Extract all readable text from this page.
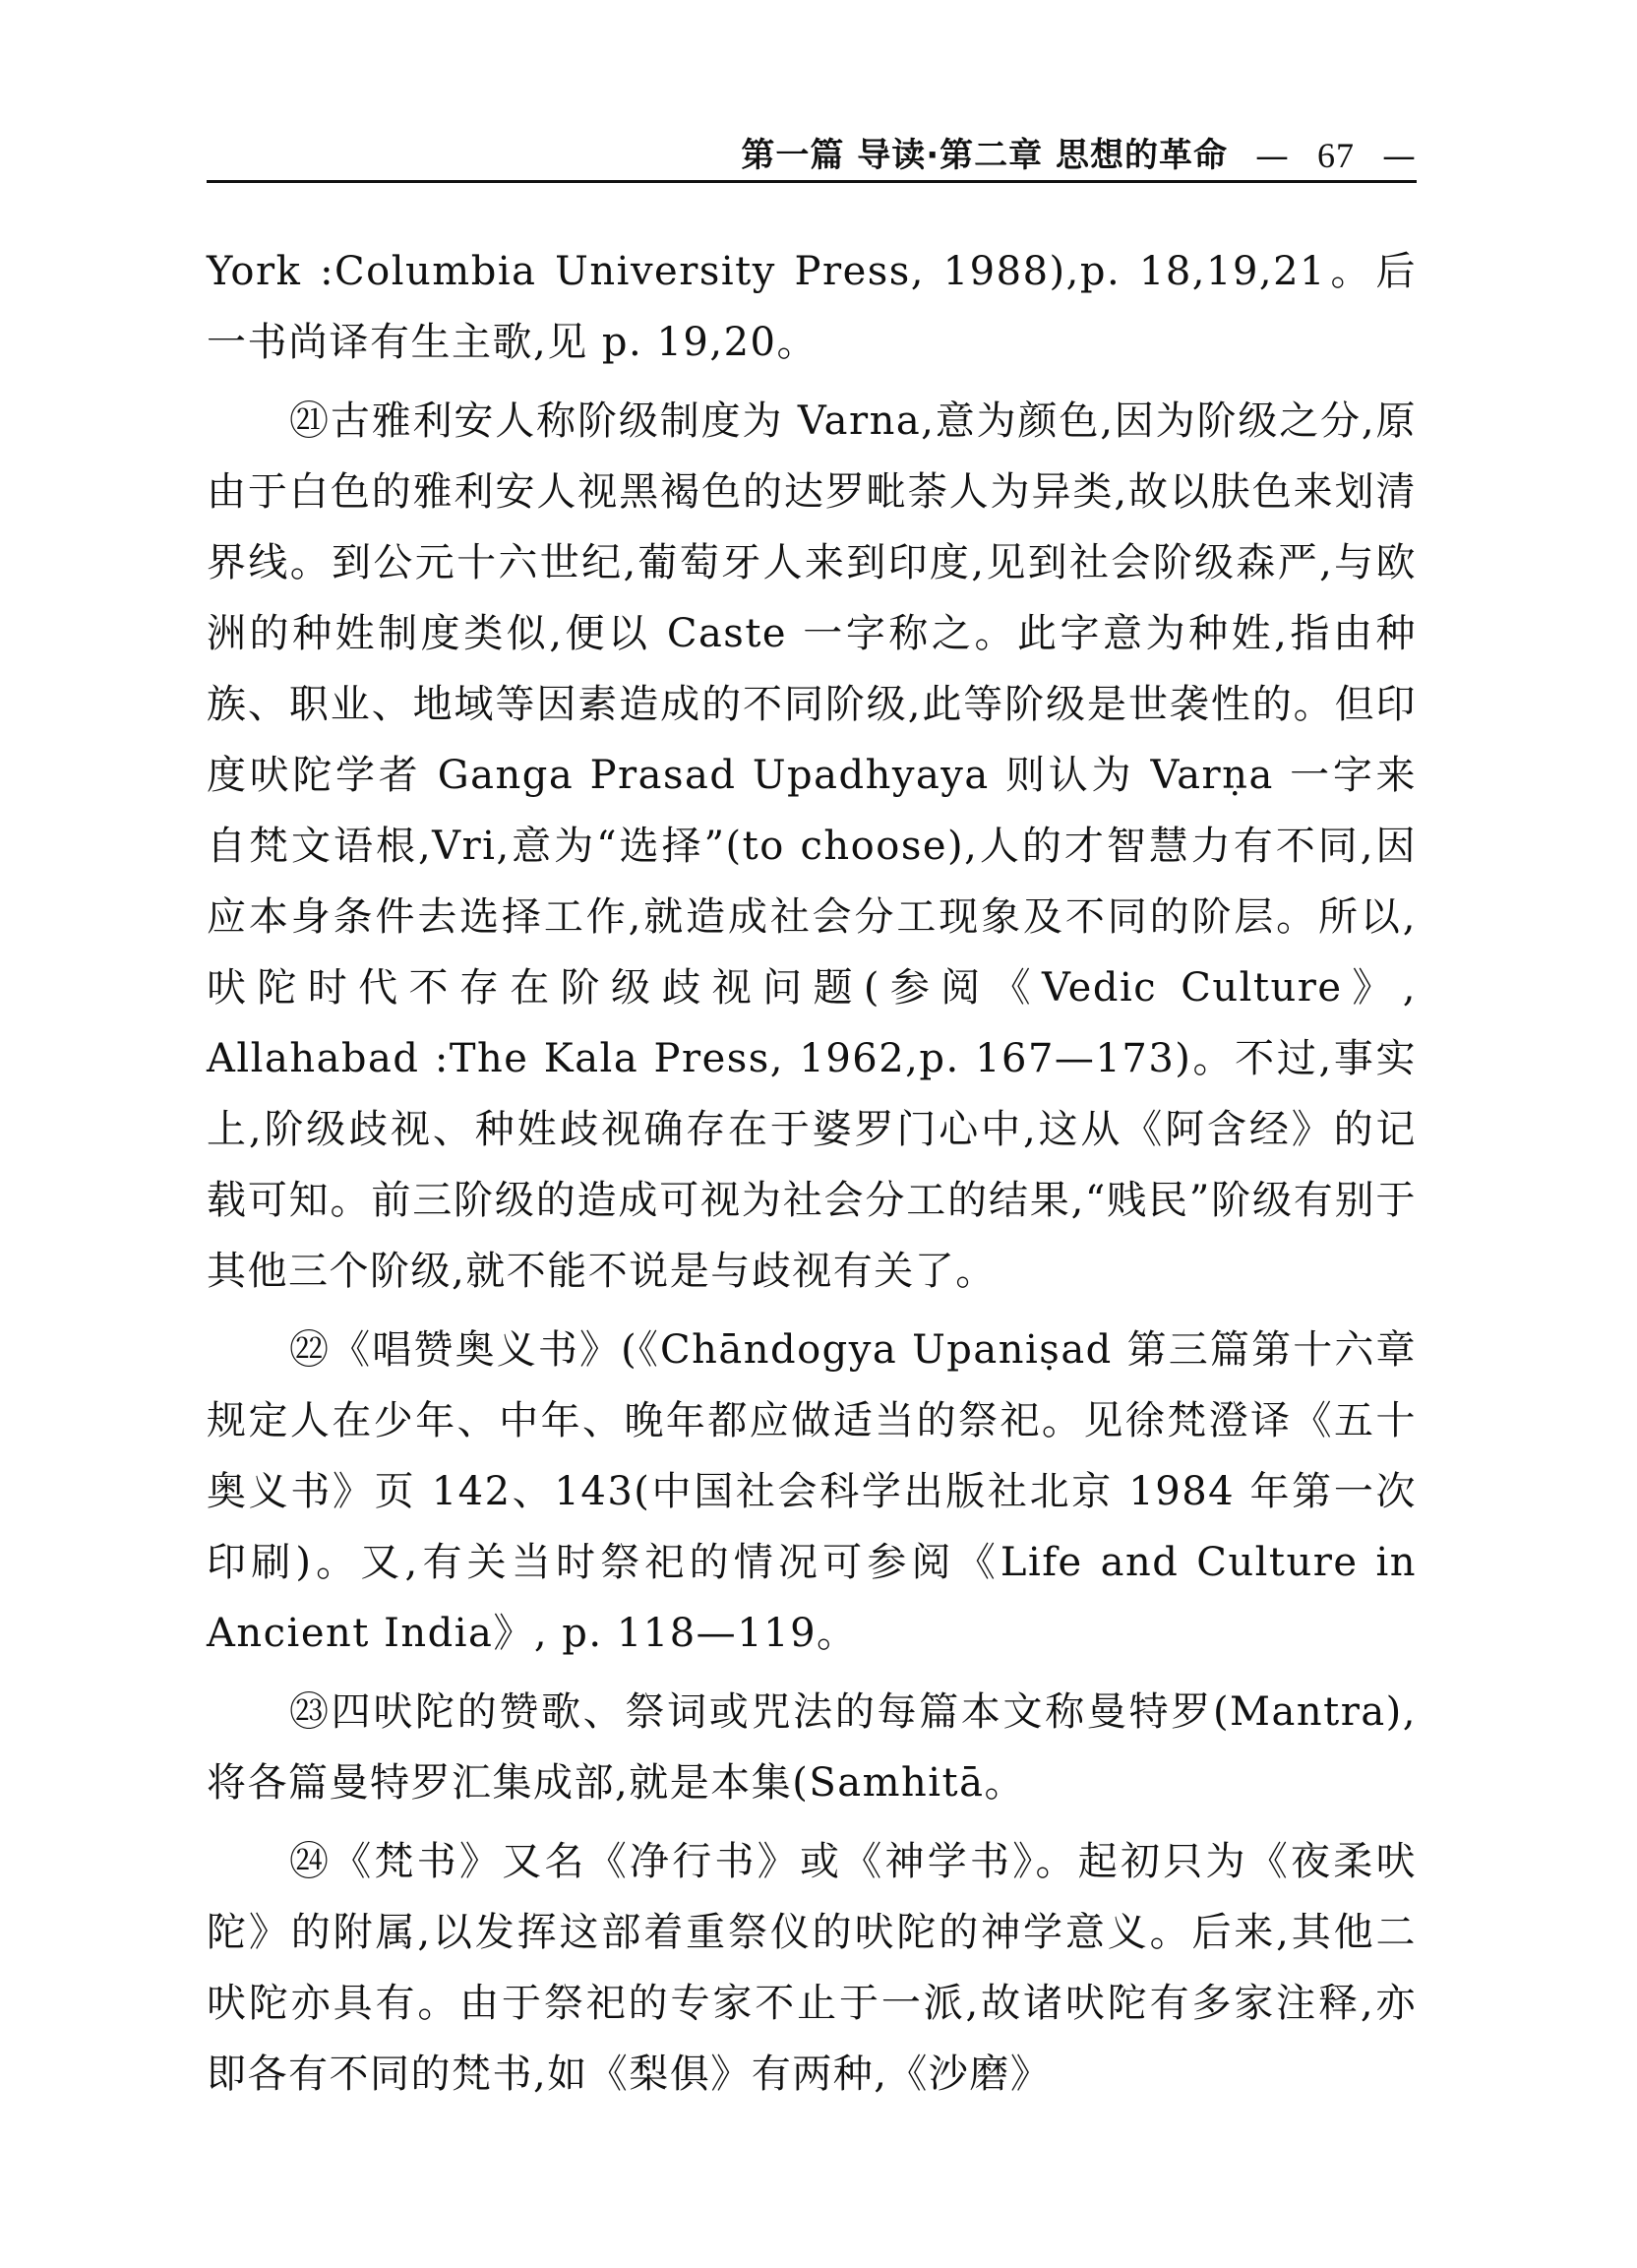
第一篇 导读·第二章 思想的革命 — 67 —

York :Columbia University Press, 1988),p. 18,19,21。后一书尚译有生主歌,见 p. 19,20。

㉑古雅利安人称阶级制度为 Varna,意为颜色,因为阶级之分,原由于白色的雅利安人视黑褐色的达罗毗荼人为异类,故以肤色来划清界线。到公元十六世纪,葡萄牙人来到印度,见到社会阶级森严,与欧洲的种姓制度类似,便以 Caste 一字称之。此字意为种姓,指由种族、职业、地域等因素造成的不同阶级,此等阶级是世袭性的。但印度吠陀学者 Ganga Prasad Upadhyaya 则认为 Varṇa 一字来自梵文语根,Vri,意为“选择”(to choose),人的才智慧力有不同,因应本身条件去选择工作,就造成社会分工现象及不同的阶层。所以,吠陀时代不存在阶级歧视问题(参阅《Vedic Culture》, Allahabad :The Kala Press, 1962,p. 167—173)。不过,事实上,阶级歧视、种姓歧视确存在于婆罗门心中,这从《阿含经》的记载可知。前三阶级的造成可视为社会分工的结果,“贱民”阶级有别于其他三个阶级,就不能不说是与歧视有关了。

㉒《唱赞奥义书》(《Chāndogya Upaniṣad 第三篇第十六章规定人在少年、中年、晚年都应做适当的祭祀。见徐梵澄译《五十奥义书》页 142、143(中国社会科学出版社北京 1984 年第一次印刷)。又,有关当时祭祀的情况可参阅《Life and Culture in Ancient India》, p. 118—119。

㉓四吠陀的赞歌、祭词或咒法的每篇本文称曼特罗(Mantra),将各篇曼特罗汇集成部,就是本集(Samhitā。

㉔《梵书》又名《净行书》或《神学书》。起初只为《夜柔吠陀》的附属,以发挥这部着重祭仪的吠陀的神学意义。后来,其他二吠陀亦具有。由于祭祀的专家不止于一派,故诸吠陀有多家注释,亦即各有不同的梵书,如《梨俱》有两种,《沙磨》
